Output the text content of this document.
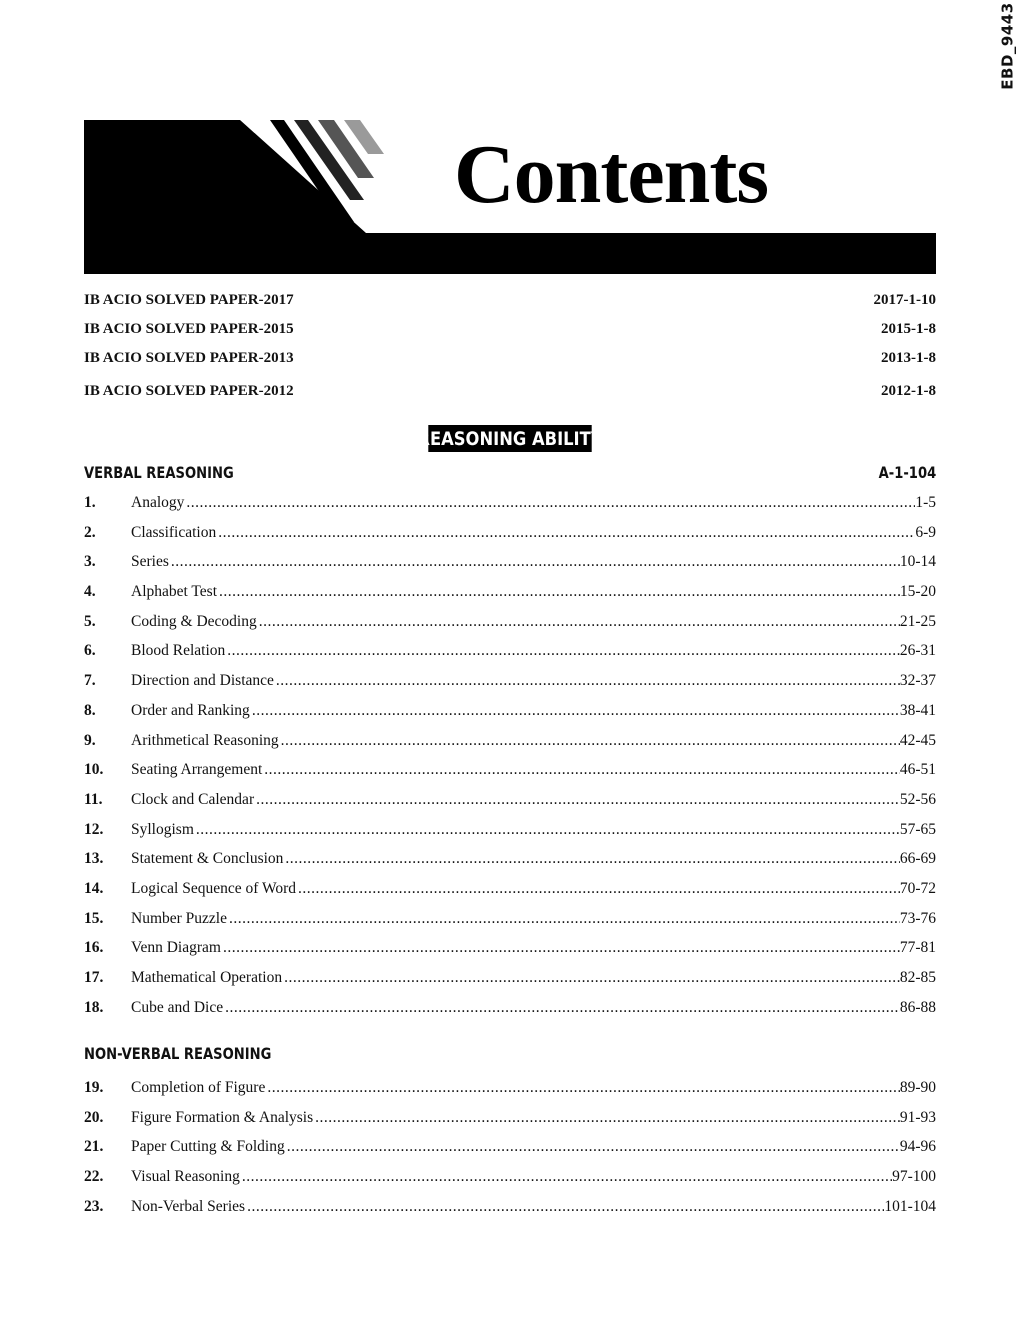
EBD_9443
Contents
IB ACIO SOLVED PAPER-2017	2017-1-10
IB ACIO SOLVED PAPER-2015	2015-1-8
IB ACIO SOLVED PAPER-2013	2013-1-8
IB ACIO SOLVED PAPER-2012	2012-1-8
REASONING ABILITY
VERBAL REASONING	A-1-104
1.	Analogy .....	1-5
2.	Classification .....	6-9
3.	Series .....	10-14
4.	Alphabet Test .....	15-20
5.	Coding & Decoding .....	21-25
6.	Blood Relation .....	26-31
7.	Direction and Distance .....	32-37
8.	Order and Ranking .....	38-41
9.	Arithmetical Reasoning .....	42-45
10.	Seating Arrangement .....	46-51
11.	Clock and Calendar .....	52-56
12.	Syllogism .....	57-65
13.	Statement & Conclusion .....	66-69
14.	Logical Sequence of Word .....	70-72
15.	Number Puzzle .....	73-76
16.	Venn Diagram .....	77-81
17.	Mathematical Operation .....	82-85
18.	Cube and Dice .....	86-88
NON-VERBAL REASONING
19.	Completion of Figure .....	89-90
20.	Figure Formation & Analysis .....	91-93
21.	Paper Cutting & Folding .....	94-96
22.	Visual Reasoning .....	97-100
23.	Non-Verbal Series .....	101-104
